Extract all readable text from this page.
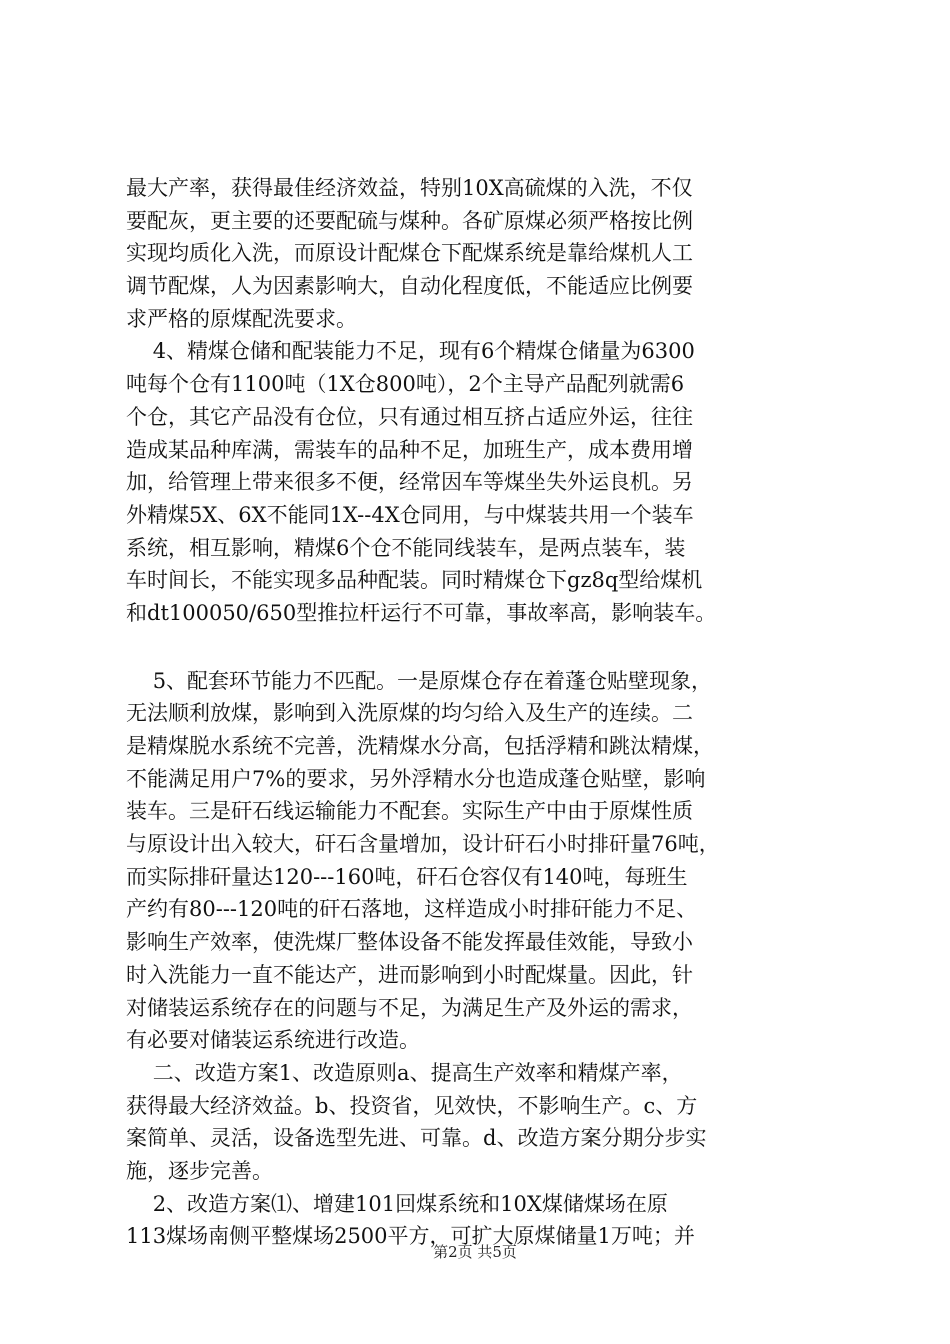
最大产率，获得最佳经济效益，特别10X高硫煤的入洗，不仅
要配灰，更主要的还要配硫与煤种。各矿原煤必须严格按比例
实现均质化入洗，而原设计配煤仓下配煤系统是靠给煤机人工
调节配煤，人为因素影响大，自动化程度低，不能适应比例要
求严格的原煤配洗要求。
4、精煤仓储和配装能力不足，现有6个精煤仓储量为6300
吨每个仓有1100吨（1X仓800吨），2个主导产品配列就需6
个仓，其它产品没有仓位，只有通过相互挤占适应外运，往往
造成某品种库满，需装车的品种不足，加班生产，成本费用增
加，给管理上带来很多不便，经常因车等煤坐失外运良机。另
外精煤5X、6X不能同1X--4X仓同用，与中煤装共用一个装车
系统，相互影响，精煤6个仓不能同线装车，是两点装车，装
车时间长，不能实现多品种配装。同时精煤仓下gz8q型给煤机
和dt100050/650型推拉杆运行不可靠，事故率高，影响装车。
5、配套环节能力不匹配。一是原煤仓存在着蓬仓贴壁现象，
无法顺利放煤，影响到入洗原煤的均匀给入及生产的连续。二
是精煤脱水系统不完善，洗精煤水分高，包括浮精和跳汰精煤，
不能满足用户7%的要求，另外浮精水分也造成蓬仓贴壁，影响
装车。三是矸石线运输能力不配套。实际生产中由于原煤性质
与原设计出入较大，矸石含量增加，设计矸石小时排矸量76吨，
而实际排矸量达120---160吨，矸石仓容仅有140吨，每班生
产约有80---120吨的矸石落地，这样造成小时排矸能力不足、
影响生产效率，使洗煤厂整体设备不能发挥最佳效能，导致小
时入洗能力一直不能达产，进而影响到小时配煤量。因此，针
对储装运系统存在的问题与不足，为满足生产及外运的需求，
有必要对储装运系统进行改造。
二、改造方案1、改造原则a、提高生产效率和精煤产率，
获得最大经济效益。b、投资省，见效快，不影响生产。c、方
案简单、灵活，设备选型先进、可靠。d、改造方案分期分步实
施，逐步完善。
2、改造方案⑴、增建101回煤系统和10X煤储煤场在原
113煤场南侧平整煤场2500平方，可扩大原煤储量1万吨；并
第2页 共5页
